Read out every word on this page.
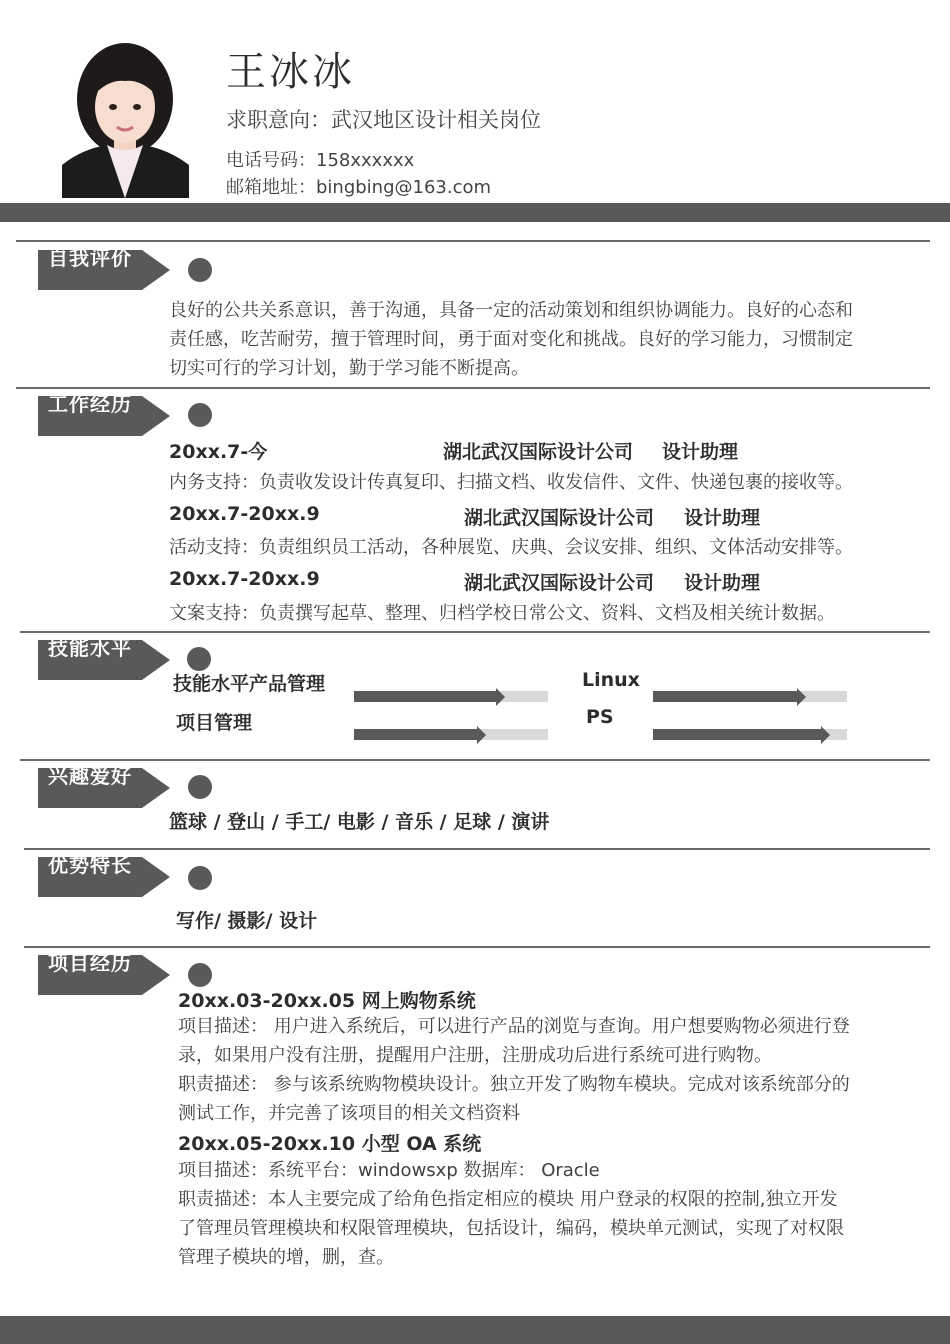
王冰冰
求职意向：武汉地区设计相关岗位
电话号码：158xxxxxx
邮箱地址：bingbing@163.com
自我评价
良好的公共关系意识，善于沟通，具备一定的活动策划和组织协调能力。良好的心态和
责任感，吃苦耐劳，擅于管理时间，勇于面对变化和挑战。良好的学习能力，习惯制定
切实可行的学习计划，勤于学习能不断提高。
工作经历
20xx.7-今	湖北武汉国际设计公司 设计助理
内务支持：负责收发设计传真复印、扫描文档、收发信件、文件、快递包裹的接收等。
20xx.7-20xx.9	湖北武汉国际设计公司 设计助理
活动支持：负责组织员工活动，各种展览、庆典、会议安排、组织、文体活动安排等。
20xx.7-20xx.9	湖北武汉国际设计公司 设计助理
文案支持：负责撰写起草、整理、归档学校日常公文、资料、文档及相关统计数据。
技能水平
技能水平产品管理	Linux
项目管理	PS
兴趣爱好
篮球 / 登山 / 手工/ 电影 / 音乐 / 足球 / 演讲
优势特长
写作/ 摄影/ 设计
项目经历
20xx.03-20xx.05 网上购物系统
项目描述： 用户进入系统后，可以进行产品的浏览与查询。用户想要购物必须进行登
录，如果用户没有注册，提醒用户注册，注册成功后进行系统可进行购物。
职责描述： 参与该系统购物模块设计。独立开发了购物车模块。完成对该系统部分的
测试工作，并完善了该项目的相关文档资料
20xx.05-20xx.10 小型 OA 系统
项目描述：系统平台：windowsxp 数据库： Oracle
职责描述：本人主要完成了给角色指定相应的模块 用户登录的权限的控制,独立开发
了管理员管理模块和权限管理模块，包括设计，编码，模块单元测试，实现了对权限
管理子模块的增，删，查。
